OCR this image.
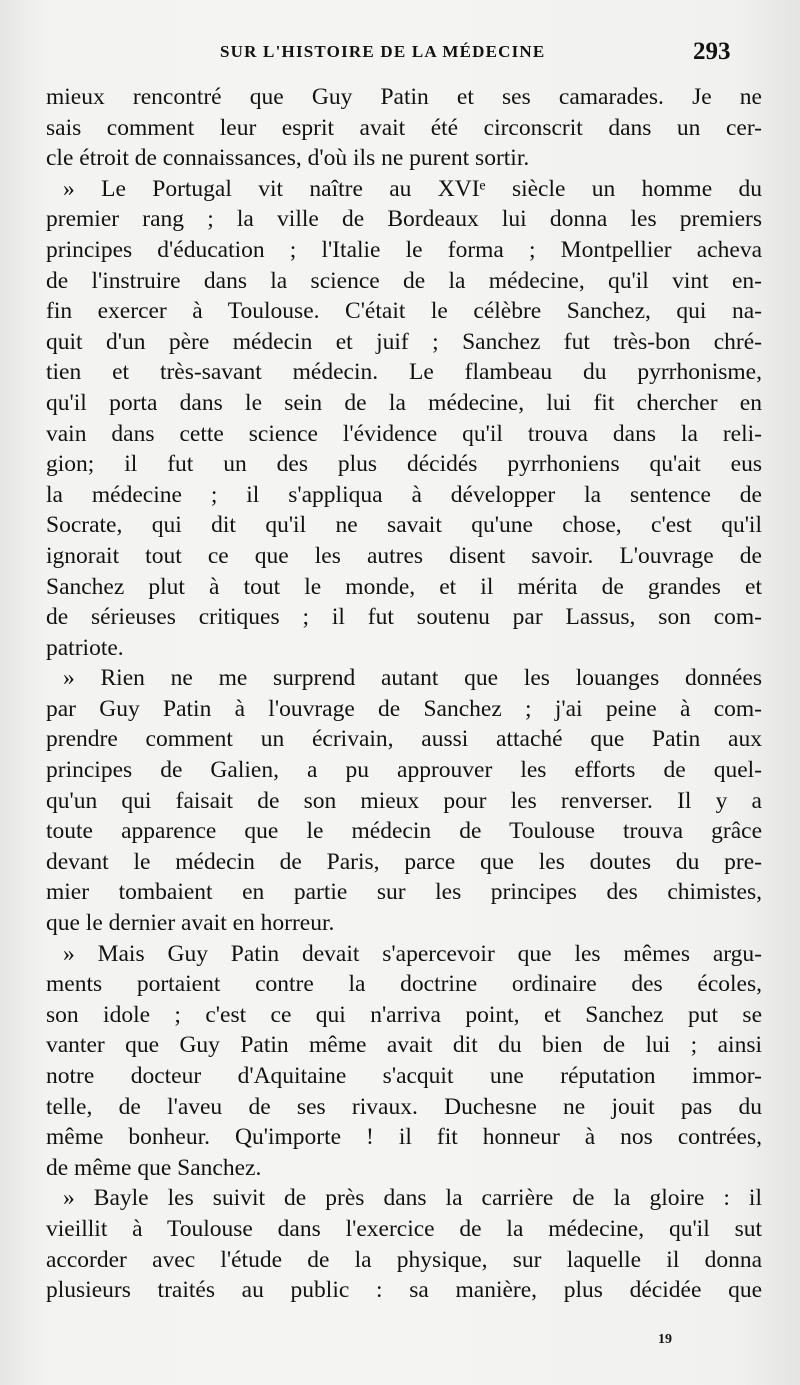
SUR L'HISTOIRE DE LA MÉDECINE	293
mieux rencontré que Guy Patin et ses camarades. Je ne
sais comment leur esprit avait été circonscrit dans un cer-
cle étroit de connaissances, d'où ils ne purent sortir.
» Le Portugal vit naître au XVIᵉ siècle un homme du
premier rang ; la ville de Bordeaux lui donna les premiers
principes d'éducation ; l'Italie le forma ; Montpellier acheva
de l'instruire dans la science de la médecine, qu'il vint en-
fin exercer à Toulouse. C'était le célèbre Sanchez, qui na-
quit d'un père médecin et juif ; Sanchez fut très-bon chré-
tien et très-savant médecin. Le flambeau du pyrrhonisme,
qu'il porta dans le sein de la médecine, lui fit chercher en
vain dans cette science l'évidence qu'il trouva dans la reli-
gion; il fut un des plus décidés pyrrhoniens qu'ait eus
la médecine ; il s'appliqua à développer la sentence de
Socrate, qui dit qu'il ne savait qu'une chose, c'est qu'il
ignorait tout ce que les autres disent savoir. L'ouvrage de
Sanchez plut à tout le monde, et il mérita de grandes et
de sérieuses critiques ; il fut soutenu par Lassus, son com-
patriote.
» Rien ne me surprend autant que les louanges données
par Guy Patin à l'ouvrage de Sanchez ; j'ai peine à com-
prendre comment un écrivain, aussi attaché que Patin aux
principes de Galien, a pu approuver les efforts de quel-
qu'un qui faisait de son mieux pour les renverser. Il y a
toute apparence que le médecin de Toulouse trouva grâce
devant le médecin de Paris, parce que les doutes du pre-
mier tombaient en partie sur les principes des chimistes,
que le dernier avait en horreur.
» Mais Guy Patin devait s'apercevoir que les mêmes argu-
ments portaient contre la doctrine ordinaire des écoles,
son idole ; c'est ce qui n'arriva point, et Sanchez put se
vanter que Guy Patin même avait dit du bien de lui ; ainsi
notre docteur d'Aquitaine s'acquit une réputation immor-
telle, de l'aveu de ses rivaux. Duchesne ne jouit pas du
même bonheur. Qu'importe ! il fit honneur à nos contrées,
de même que Sanchez.
» Bayle les suivit de près dans la carrière de la gloire : il
vieillit à Toulouse dans l'exercice de la médecine, qu'il sut
accorder avec l'étude de la physique, sur laquelle il donna
plusieurs traités au public : sa manière, plus décidée que
19
